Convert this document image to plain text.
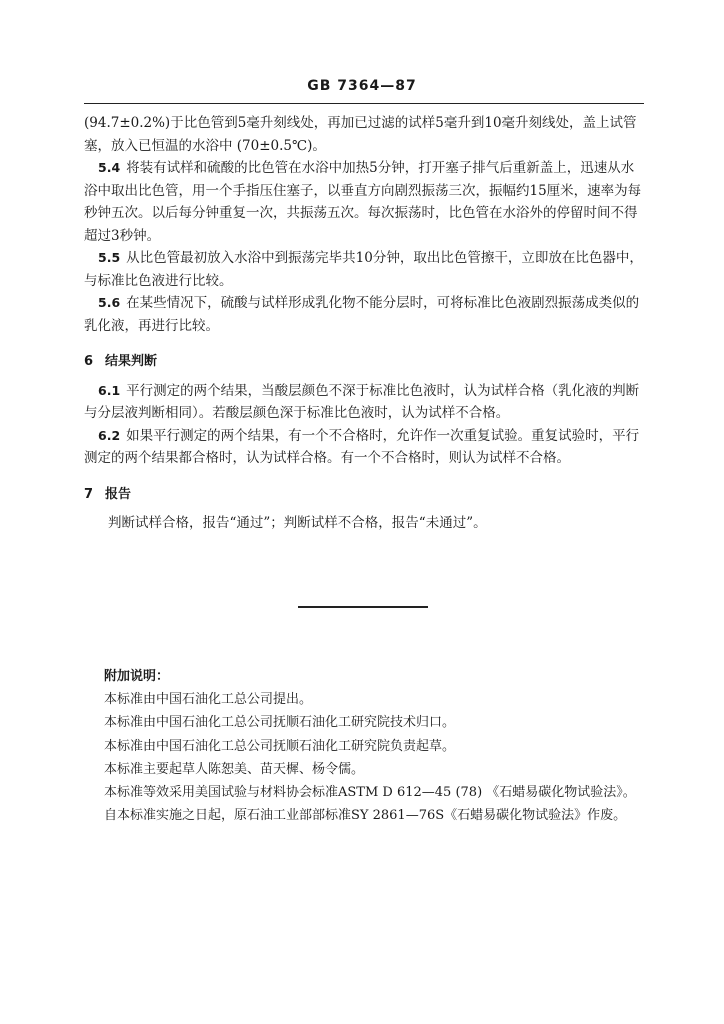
GB 7364—87

(94.7±0.2%)于比色管到5毫升刻线处，再加已过滤的试样5毫升到10毫升刻线处，盖上试管塞，放入已恒温的水浴中 (70±0.5℃)。

5.4 将装有试样和硫酸的比色管在水浴中加热5分钟，打开塞子排气后重新盖上，迅速从水浴中取出比色管，用一个手指压住塞子，以垂直方向剧烈振荡三次，振幅约15厘米，速率为每秒钟五次。以后每分钟重复一次，共振荡五次。每次振荡时，比色管在水浴外的停留时间不得超过3秒钟。

5.5 从比色管最初放入水浴中到振荡完毕共10分钟，取出比色管擦干，立即放在比色器中，与标准比色液进行比较。

5.6 在某些情况下，硫酸与试样形成乳化物不能分层时，可将标准比色液剧烈振荡成类似的乳化液，再进行比较。

6 结果判断

6.1 平行测定的两个结果，当酸层颜色不深于标准比色液时，认为试样合格（乳化液的判断与分层液判断相同）。若酸层颜色深于标准比色液时，认为试样不合格。

6.2 如果平行测定的两个结果，有一个不合格时，允许作一次重复试验。重复试验时，平行测定的两个结果都合格时，认为试样合格。有一个不合格时，则认为试样不合格。

7 报告

判断试样合格，报告“通过”；判断试样不合格，报告“未通过”。

附加说明：

本标准由中国石油化工总公司提出。

本标准由中国石油化工总公司抚顺石油化工研究院技术归口。

本标准由中国石油化工总公司抚顺石油化工研究院负责起草。

本标准主要起草人陈恕美、苗天樨、杨令儒。

本标准等效采用美国试验与材料协会标准ASTM D 612—45 (78) 《石蜡易碳化物试验法》。

自本标准实施之日起，原石油工业部部标准SY 2861—76S《石蜡易碳化物试验法》作废。
